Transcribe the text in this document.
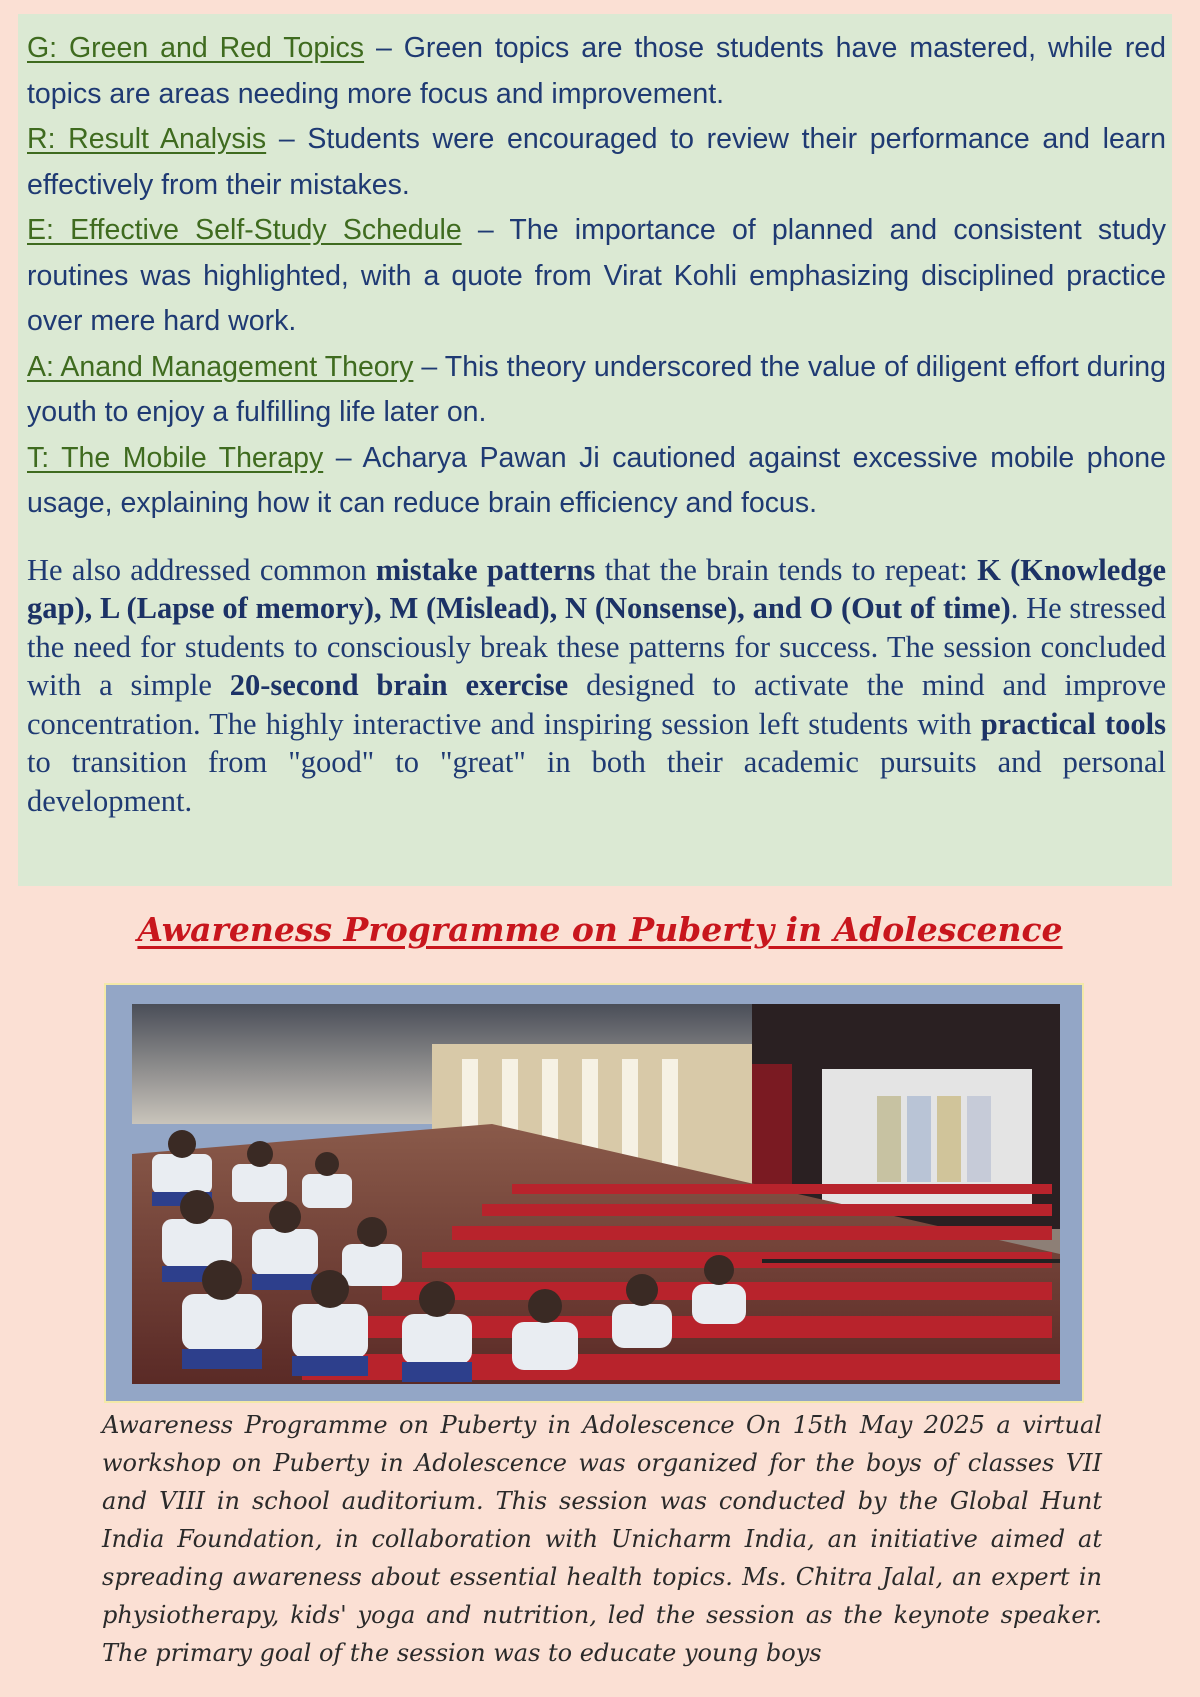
G: Green and Red Topics – Green topics are those students have mastered, while red topics are areas needing more focus and improvement.

R: Result Analysis – Students were encouraged to review their performance and learn effectively from their mistakes.

E: Effective Self-Study Schedule – The importance of planned and consistent study routines was highlighted, with a quote from Virat Kohli emphasizing disciplined practice over mere hard work.

A: Anand Management Theory – This theory underscored the value of diligent effort during youth to enjoy a fulfilling life later on.

T: The Mobile Therapy – Acharya Pawan Ji cautioned against excessive mobile phone usage, explaining how it can reduce brain efficiency and focus.

He also addressed common mistake patterns that the brain tends to repeat: K (Knowledge gap), L (Lapse of memory), M (Mislead), N (Nonsense), and O (Out of time). He stressed the need for students to consciously break these patterns for success. The session concluded with a simple 20-second brain exercise designed to activate the mind and improve concentration. The highly interactive and inspiring session left students with practical tools to transition from "good" to "great" in both their academic pursuits and personal development.

Awareness Programme on Puberty in Adolescence

Awareness Programme on Puberty in Adolescence On 15th May 2025 a virtual workshop on Puberty in Adolescence was organized for the boys of classes VII and VIII in school auditorium. This session was conducted by the Global Hunt India Foundation, in collaboration with Unicharm India, an initiative aimed at spreading awareness about essential health topics. Ms. Chitra Jalal, an expert in physiotherapy, kids' yoga and nutrition, led the session as the keynote speaker. The primary goal of the session was to educate young boys
